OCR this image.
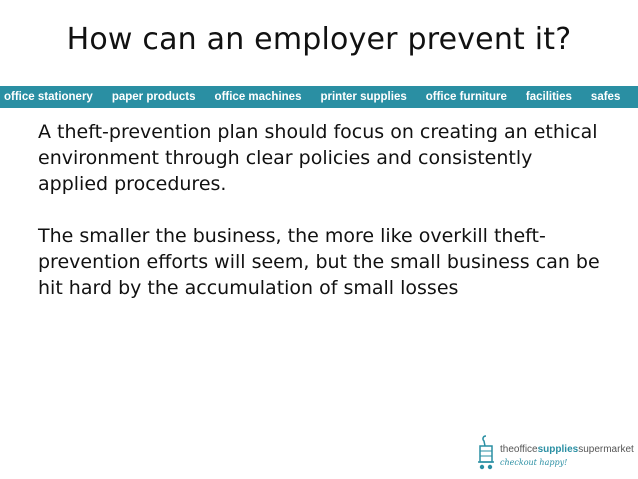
How can an employer prevent it?
office stationery	paper products	office machines	printer supplies	office furniture	facilities	safes

A theft-prevention plan should focus on creating an ethical environment through clear policies and consistently applied procedures.

The smaller the business, the more like overkill theft-prevention efforts will seem, but the small business can be hit hard by the accumulation of small losses

theofficesuppliessupermarket
checkout happy!
